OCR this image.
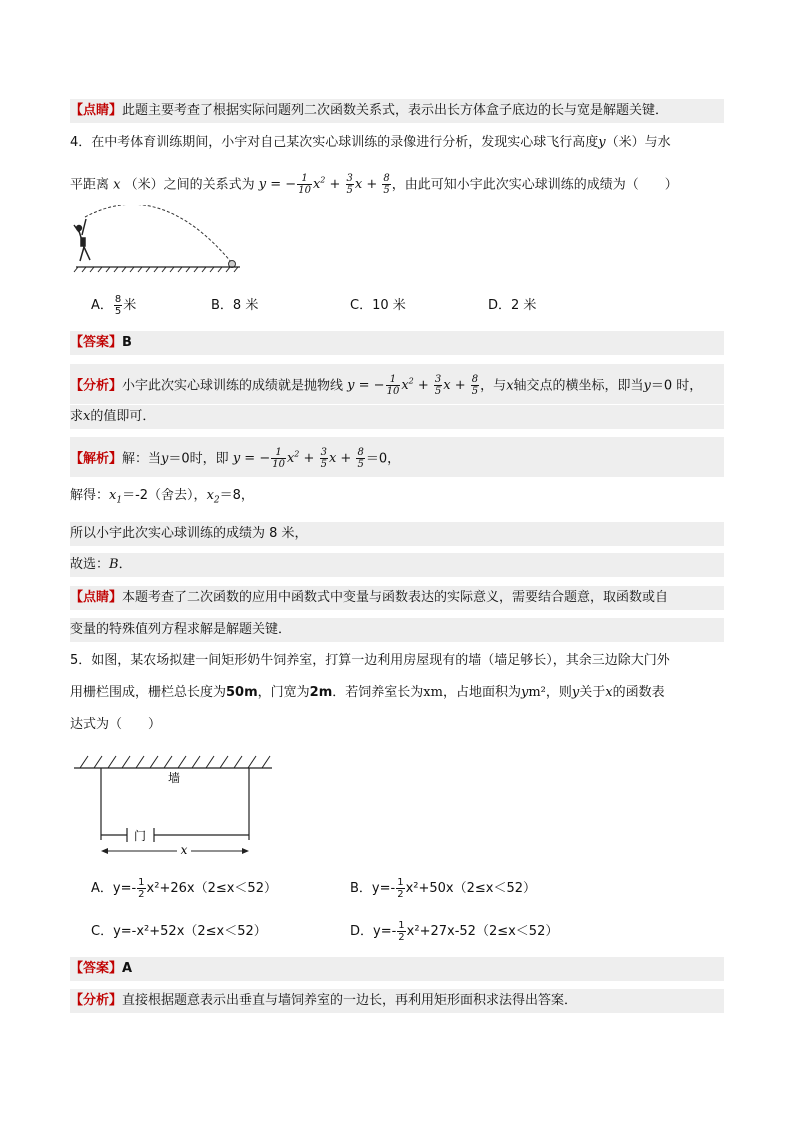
【点睛】此题主要考查了根据实际问题列二次函数关系式，表示出长方体盒子底边的长与宽是解题关键．
4．在中考体育训练期间，小宇对自己某次实心球训练的录像进行分析，发现实心球飞行高度y（米）与水
平距离 x （米）之间的关系式为 y = − $\frac{1}{10} x^2 + \frac{3}{5}$ $x + \frac{8}{5}$ ，由此可知小宇此次实心球训练的成绩为（　　）
A． $\frac{8}{5}$ 米	B．8 米	C．10 米	D．2 米
【答案】B
【分析】小宇此次实心球训练的成绩就是抛物线 y = − $\frac{1}{10} x^2 + \frac{3}{5}$ $x + \frac{8}{5}$ ，与x轴交点的横坐标，即当y＝0 时，
求x的值即可．
【解析】解：当y＝0时，即 y = − $\frac{1}{10} x^2 + \frac{3}{5}$ $x + \frac{8}{5} =0$，
解得：$x_1=-2$（舍去），$x_2=8$，
所以小宇此次实心球训练的成绩为 8 米，
故选：B．
【点睛】本题考查了二次函数的应用中函数式中变量与函数表达的实际意义，需要结合题意，取函数或自
变量的特殊值列方程求解是解题关键．
5．如图，某农场拟建一间矩形奶牛饲养室，打算一边利用房屋现有的墙（墙足够长），其余三边除大门外
用栅栏围成，栅栏总长度为50m，门宽为2m．若饲养室长为xm，占地面积为ym²，则y关于x的函数表
达式为（　　）
墙
门
x
A．$y=- \frac{1}{2} x^2+26x(2\le x<52)$	B．$y=- \frac{1}{2} x^2+50x(2\le x<52)$
C．y=-x²+52x（2≤x＜52）	D．$y=- \frac{1}{2} x^2+27x-52(2\le x<52)$
【答案】A
【分析】直接根据题意表示出垂直与墙饲养室的一边长，再利用矩形面积求法得出答案．
